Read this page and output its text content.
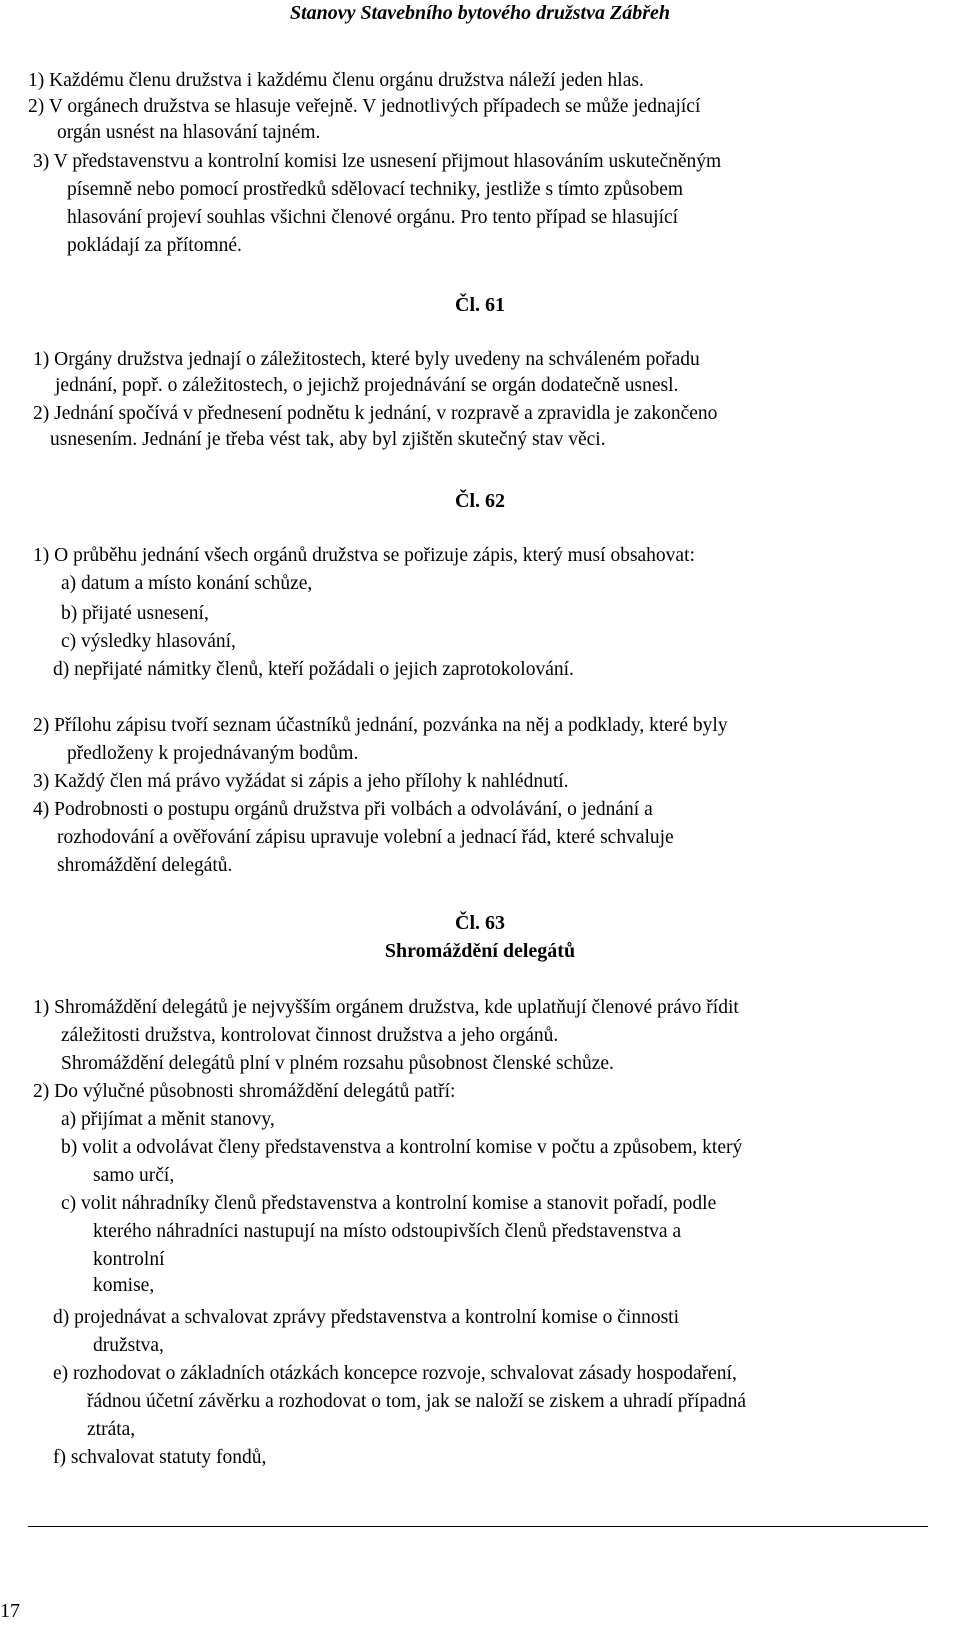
Stanovy Stavebního bytového družstva Zábřeh
1) Každému členu družstva i každému členu orgánu družstva náleží jeden hlas.
2) V orgánech družstva se hlasuje veřejně. V jednotlivých případech se může jednající
orgán usnést na hlasování tajném.
3) V představenstvu a kontrolní komisi lze usnesení přijmout hlasováním uskutečněným
písemně nebo pomocí prostředků sdělovací techniky, jestliže s tímto způsobem
hlasování projeví souhlas všichni členové orgánu. Pro tento případ se hlasující
pokládají za přítomné.
1) Orgány družstva jednají o záležitostech, které byly uvedeny na schváleném pořadu
jednání, popř. o záležitostech, o jejichž projednávání se orgán dodatečně usnesl.
2) Jednání spočívá v přednesení podnětu k jednání, v rozpravě a zpravidla je zakončeno
usnesením. Jednání je třeba vést tak, aby byl zjištěn skutečný stav věci.
1) O průběhu jednání všech orgánů družstva se pořizuje zápis, který musí obsahovat:
a) datum a místo konání schůze,
b) přijaté usnesení,
c) výsledky hlasování,
d) nepřijaté námitky členů, kteří požádali o jejich zaprotokolování.
2) Přílohu zápisu tvoří seznam účastníků jednání, pozvánka na něj a podklady, které byly
předloženy k projednávaným bodům.
3) Každý člen má právo vyžádat si zápis a jeho přílohy k nahlédnutí.
4) Podrobnosti o postupu orgánů družstva při volbách a odvolávání, o jednání a
rozhodování a ověřování zápisu upravuje volební a jednací řád, které schvaluje
shromáždění delegátů.
1) Shromáždění delegátů je nejvyšším orgánem družstva, kde uplatňují členové právo řídit
záležitosti družstva, kontrolovat činnost družstva a jeho orgánů.
Shromáždění delegátů plní v plném rozsahu působnost členské schůze.
2) Do výlučné působnosti shromáždění delegátů patří:
a) přijímat a měnit stanovy,
b) volit a odvolávat členy představenstva a kontrolní komise v počtu a způsobem, který
samo určí,
c) volit náhradníky členů představenstva a kontrolní komise a stanovit pořadí, podle
kterého náhradníci nastupují na místo odstoupivších členů představenstva a
kontrolní
komise,
d) projednávat a schvalovat zprávy představenstva a kontrolní komise o činnosti
družstva,
e) rozhodovat o základních otázkách koncepce rozvoje, schvalovat zásady hospodaření,
řádnou účetní závěrku a rozhodovat o tom, jak se naloží se ziskem a uhradí případná
ztráta,
f) schvalovat statuty fondů,
Čl. 61
Čl. 62
Čl. 63
Shromáždění delegátů
17
